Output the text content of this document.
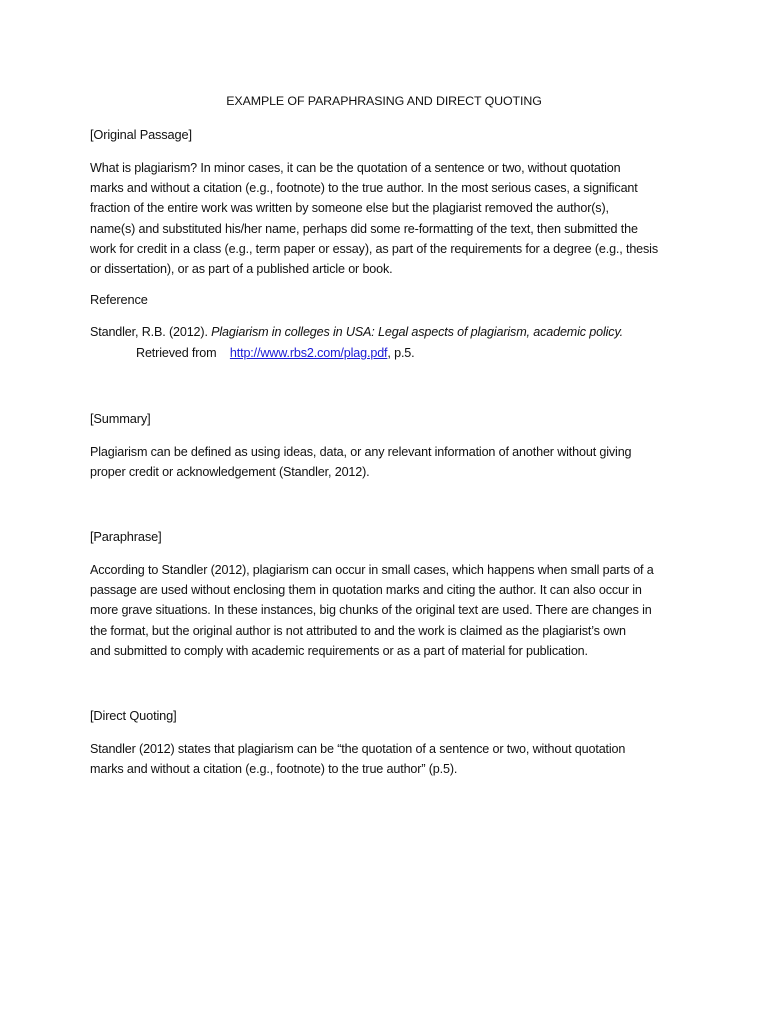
EXAMPLE OF PARAPHRASING AND DIRECT QUOTING
[Original Passage]

What is plagiarism? In minor cases, it can be the quotation of a sentence or two, without quotation

marks and without a citation (e.g., footnote) to the true author. In the most serious cases, a significant

fraction of the entire work was written by someone else but the plagiarist removed the author(s),

name(s) and substituted his/her name, perhaps did some re-formatting of the text, then submitted the

work for credit in a class (e.g., term paper or essay), as part of the requirements for a degree (e.g., thesis

or dissertation), or as part of a published article or book.

Reference
Standler, R.B. (2012). Plagiarism in colleges in USA: Legal aspects of plagiarism, academic policy.
Retrieved from http://www.rbs2.com/plag.pdf, p.5.
[Summary]

Plagiarism can be defined as using ideas, data, or any relevant information of another without giving

proper credit or acknowledgement (Standler, 2012).

[Paraphrase]

According to Standler (2012), plagiarism can occur in small cases, which happens when small parts of a

passage are used without enclosing them in quotation marks and citing the author. It can also occur in

more grave situations. In these instances, big chunks of the original text are used. There are changes in

the format, but the original author is not attributed to and the work is claimed as the plagiarist’s own

and submitted to comply with academic requirements or as a part of material for publication.

[Direct Quoting]

Standler (2012) states that plagiarism can be “the quotation of a sentence or two, without quotation

marks and without a citation (e.g., footnote) to the true author” (p.5).
